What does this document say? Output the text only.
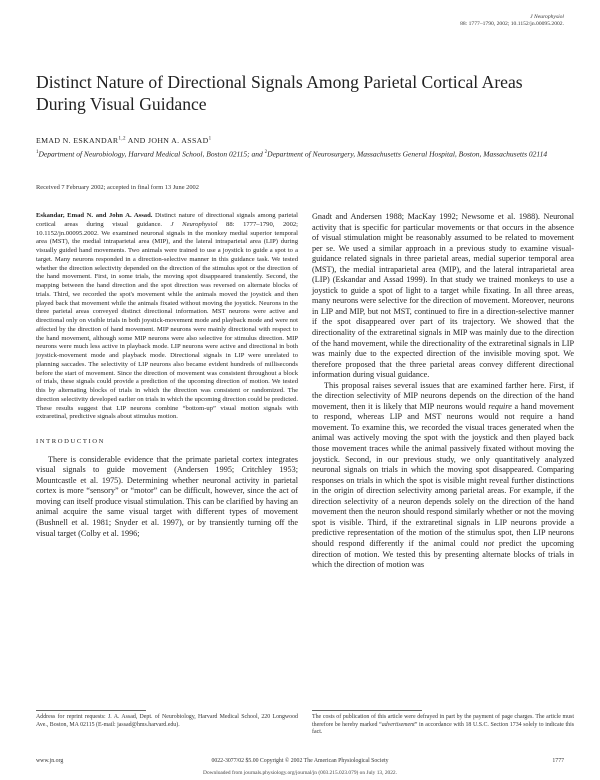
J Neurophysiol
88: 1777–1790, 2002; 10.1152/jn.00095.2002.
Distinct Nature of Directional Signals Among Parietal Cortical Areas During Visual Guidance
EMAD N. ESKANDAR$^{1,2}$ AND JOHN A. ASSAD$^1$
$^1$Department of Neurobiology, Harvard Medical School, Boston 02115; and $^2$Department of Neurosurgery, Massachusetts General Hospital, Boston, Massachusetts 02114
Received 7 February 2002; accepted in final form 13 June 2002

Eskandar, Emad N. and John A. Assad. Distinct nature of directional signals among parietal cortical areas during visual guidance. J Neurophysiol 88: 1777–1790, 2002; 10.1152/jn.00095.2002. We examined neuronal signals in the monkey medial superior temporal area (MST), the medial intraparietal area (MIP), and the lateral intraparietal area (LIP) during visually guided hand movements. Two animals were trained to use a joystick to guide a spot to a target. Many neurons responded in a direction-selective manner in this guidance task. We tested whether the direction selectivity depended on the direction of the stimulus spot or the direction of the hand movement. First, in some trials, the moving spot disappeared transiently. Second, the mapping between the hand direction and the spot direction was reversed on alternate blocks of trials. Third, we recorded the spot's movement while the animals moved the joystick and then played back that movement while the animals fixated without moving the joystick. Neurons in the three parietal areas conveyed distinct directional information. MST neurons were active and directional only on visible trials in both joystick-movement mode and playback mode and were not affected by the direction of hand movement. MIP neurons were mainly directional with respect to the hand movement, although some MIP neurons were also selective for stimulus direction. MIP neurons were much less active in playback mode. LIP neurons were active and directional in both joystick-movement mode and playback mode. Directional signals in LIP were unrelated to planning saccades. The selectivity of LIP neurons also became evident hundreds of milliseconds before the start of movement. Since the direction of movement was consistent throughout a block of trials, these signals could provide a prediction of the upcoming direction of motion. We tested this by alternating blocks of trials in which the direction was consistent or randomized. The direction selectivity developed earlier on trials in which the upcoming direction could be predicted. These results suggest that LIP neurons combine “bottom-up” visual motion signals with extraretinal, predictive signals about stimulus motion.

INTRODUCTION

There is considerable evidence that the primate parietal cortex integrates visual signals to guide movement (Andersen 1995; Critchley 1953; Mountcastle et al. 1975). Determining whether neuronal activity in parietal cortex is more “sensory” or “motor” can be difficult, however, since the act of moving can itself produce visual stimulation. This can be clarified by having an animal acquire the same visual target with different types of movement (Bushnell et al. 1981; Snyder et al. 1997), or by transiently turning off the visual target (Colby et al. 1996;

Gnadt and Andersen 1988; MacKay 1992; Newsome et al. 1988). Neuronal activity that is specific for particular movements or that occurs in the absence of visual stimulation might be reasonably assumed to be related to movement per se. We used a similar approach in a previous study to examine visual-guidance related signals in three parietal areas, medial superior temporal area (MST), the medial intraparietal area (MIP), and the lateral intraparietal area (LIP) (Eskandar and Assad 1999). In that study we trained monkeys to use a joystick to guide a spot of light to a target while fixating. In all three areas, many neurons were selective for the direction of movement. Moreover, neurons in LIP and MIP, but not MST, continued to fire in a direction-selective manner if the spot disappeared over part of its trajectory. We showed that the directionality of the extraretinal signals in MIP was mainly due to the direction of the hand movement, while the directionality of the extraretinal signals in LIP was mainly due to the expected direction of the invisible moving spot. We therefore proposed that the three parietal areas convey different directional information during visual guidance.

This proposal raises several issues that are examined farther here. First, if the direction selectivity of MIP neurons depends on the direction of the hand movement, then it is likely that MIP neurons would require a hand movement to respond, whereas LIP and MST neurons would not require a hand movement. To examine this, we recorded the visual traces generated when the animal was actively moving the spot with the joystick and then played back those movement traces while the animal passively fixated without moving the joystick. Second, in our previous study, we only quantitatively analyzed neuronal signals on trials in which the moving spot disappeared. Comparing responses on trials in which the spot is visible might reveal further distinctions in the origin of direction selectivity among parietal areas. For example, if the direction selectivity of a neuron depends solely on the direction of the hand movement then the neuron should respond similarly whether or not the moving spot is visible. Third, if the extraretinal signals in LIP neurons provide a predictive representation of the motion of the stimulus spot, then LIP neurons should respond differently if the animal could not predict the upcoming direction of motion. We tested this by presenting alternate blocks of trials in which the direction of motion was

Address for reprint requests: J. A. Assad, Dept. of Neurobiology, Harvard Medical School, 220 Longwood Ave., Boston, MA 02115 (E-mail: jassad@hms.harvard.edu).
The costs of publication of this article were defrayed in part by the payment of page charges. The article must therefore be hereby marked “advertisement” in accordance with 18 U.S.C. Section 1734 solely to indicate this fact.
0022-3077/02 $5.00 Copyright © 2002 The American Physiological Society
www.jn.org	1777
Downloaded from journals.physiology.org/journal/jn (003.215.023.079) on July 13, 2022.
